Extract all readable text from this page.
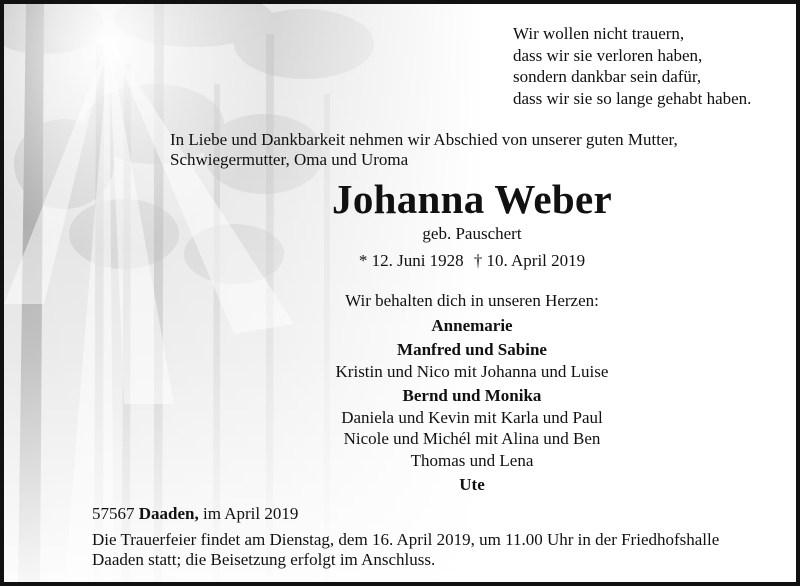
Wir wollen nicht trauern,
dass wir sie verloren haben,
sondern dankbar sein dafür,
dass wir sie so lange gehabt haben.
In Liebe und Dankbarkeit nehmen wir Abschied von unserer guten Mutter,
Schwiegermutter, Oma und Uroma
Johanna Weber
geb. Pauschert
* 12. Juni 1928 † 10. April 2019
Wir behalten dich in unseren Herzen:
Annemarie
Manfred und Sabine
Kristin und Nico mit Johanna und Luise
Bernd und Monika
Daniela und Kevin mit Karla und Paul
Nicole und Michél mit Alina und Ben
Thomas und Lena
Ute
57567 Daaden, im April 2019
Die Trauerfeier findet am Dienstag, dem 16. April 2019, um 11.00 Uhr in der Friedhofshalle
Daaden statt; die Beisetzung erfolgt im Anschluss.
